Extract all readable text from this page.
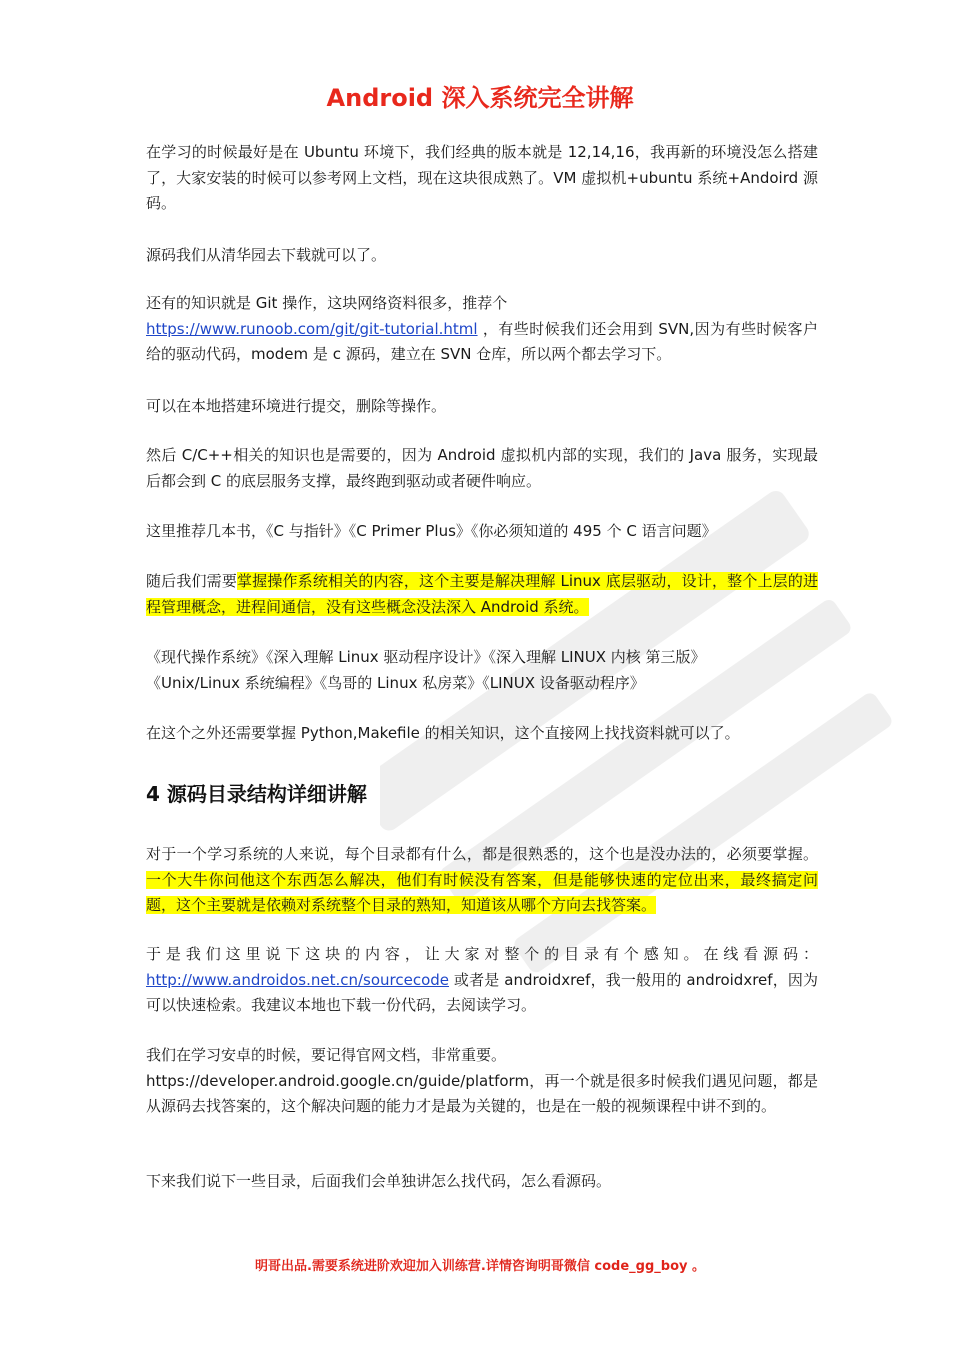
Android 深入系统完全讲解

在学习的时候最好是在 Ubuntu 环境下，我们经典的版本就是 12,14,16，我再新的环境没怎么搭建了，大家安装的时候可以参考网上文档，现在这块很成熟了。VM 虚拟机+ubuntu 系统+Andoird 源码。

源码我们从清华园去下载就可以了。

还有的知识就是 Git 操作，这块网络资料很多，推荐个
https://www.runoob.com/git/git-tutorial.html ，有些时候我们还会用到 SVN,因为有些时候客户给的驱动代码，modem 是 c 源码，建立在 SVN 仓库，所以两个都去学习下。

可以在本地搭建环境进行提交，删除等操作。

然后 C/C++相关的知识也是需要的，因为 Android 虚拟机内部的实现，我们的 Java 服务，实现最后都会到 C 的底层服务支撑，最终跑到驱动或者硬件响应。

这里推荐几本书，《C 与指针》《C Primer Plus》《你必须知道的 495 个 C 语言问题》

随后我们需要掌握操作系统相关的内容，这个主要是解决理解 Linux 底层驱动，设计，整个上层的进程管理概念，进程间通信，没有这些概念没法深入 Android 系统。

《现代操作系统》《深入理解 Linux 驱动程序设计》《深入理解 LINUX 内核 第三版》
《Unix/Linux 系统编程》《鸟哥的 Linux 私房菜》《LINUX 设备驱动程序》

在这个之外还需要掌握 Python,Makefile 的相关知识，这个直接网上找找资料就可以了。

4 源码目录结构详细讲解

对于一个学习系统的人来说，每个目录都有什么，都是很熟悉的，这个也是没办法的，必须要掌握。一个大牛你问他这个东西怎么解决，他们有时候没有答案，但是能够快速的定位出来，最终搞定问题，这个主要就是依赖对系统整个目录的熟知，知道该从哪个方向去找答案。

于是我们这里说下这块的内容，让大家对整个的目录有个感知。在线看源码：http://www.androidos.net.cn/sourcecode 或者是 androidxref，我一般用的 androidxref，因为可以快速检索。我建议本地也下载一份代码，去阅读学习。

我们在学习安卓的时候，要记得官网文档，非常重要。
https://developer.android.google.cn/guide/platform，再一个就是很多时候我们遇见问题，都是从源码去找答案的，这个解决问题的能力才是最为关键的，也是在一般的视频课程中讲不到的。

下来我们说下一些目录，后面我们会单独讲怎么找代码，怎么看源码。

明哥出品.需要系统进阶欢迎加入训练营.详情咨询明哥微信 code_gg_boy 。
